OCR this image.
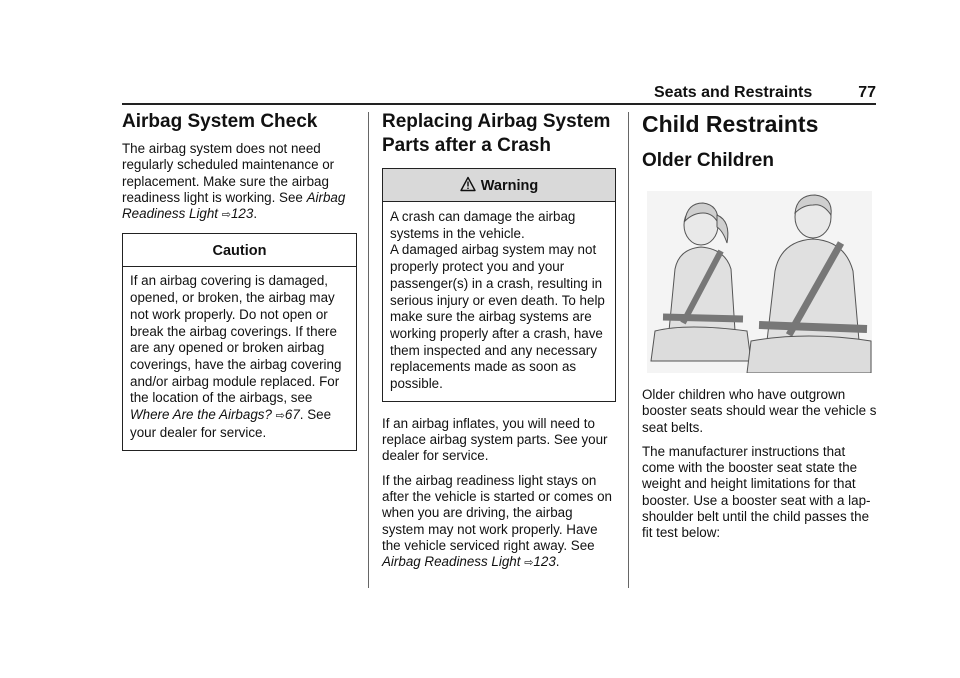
Seats and Restraints	77
Airbag System Check

The airbag system does not need regularly scheduled maintenance or replacement. Make sure the airbag readiness light is working. See Airbag Readiness Light ⇨123.

Caution
If an airbag covering is damaged, opened, or broken, the airbag may not work properly. Do not open or break the airbag coverings. If there are any opened or broken airbag coverings, have the airbag covering and/or airbag module replaced. For the location of the airbags, see Where Are the Airbags? ⇨67. See your dealer for service.
Replacing Airbag System Parts after a Crash
Warning
A crash can damage the airbag systems in the vehicle.
A damaged airbag system may not properly protect you and your passenger(s) in a crash, resulting in serious injury or even death. To help make sure the airbag systems are working properly after a crash, have them inspected and any necessary replacements made as soon as possible.

If an airbag inflates, you will need to replace airbag system parts. See your dealer for service.

If the airbag readiness light stays on after the vehicle is started or comes on when you are driving, the airbag system may not work properly. Have the vehicle serviced right away. See Airbag Readiness Light ⇨123.

Child Restraints
Older Children

Older children who have outgrown booster seats should wear the vehicle s seat belts.

The manufacturer instructions that come with the booster seat state the weight and height limitations for that booster. Use a booster seat with a lap-shoulder belt until the child passes the fit test below:
